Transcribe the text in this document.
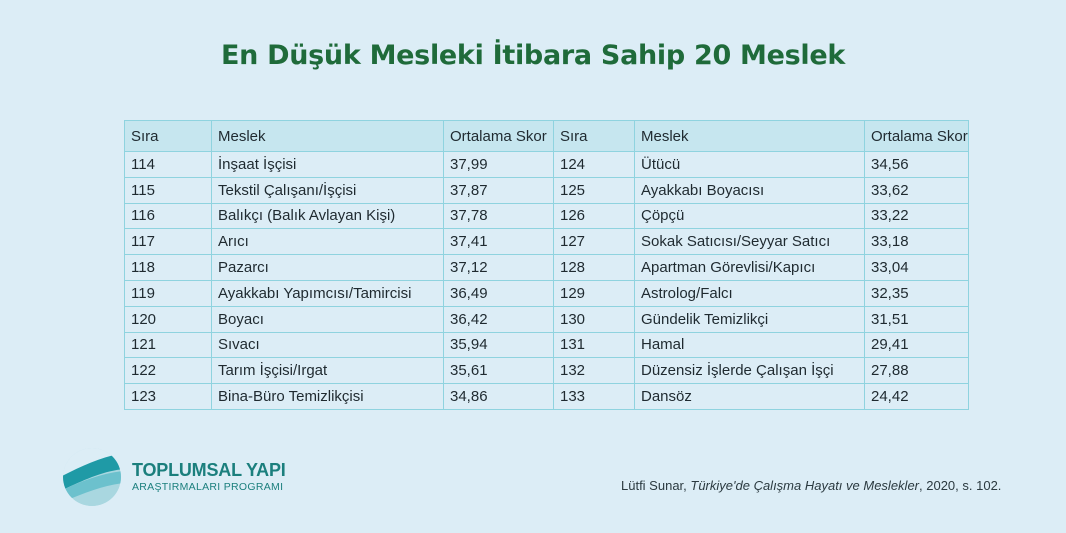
En Düşük Mesleki İtibara Sahip 20 Meslek
Sıra	Meslek	Ortalama Skor	Sıra	Meslek	Ortalama Skor
114	İnşaat İşçisi	37,99	124	Ütücü	34,56
115	Tekstil Çalışanı/İşçisi	37,87	125	Ayakkabı Boyacısı	33,62
116	Balıkçı (Balık Avlayan Kişi)	37,78	126	Çöpçü	33,22
117	Arıcı	37,41	127	Sokak Satıcısı/Seyyar Satıcı	33,18
118	Pazarcı	37,12	128	Apartman Görevlisi/Kapıcı	33,04
119	Ayakkabı Yapımcısı/Tamircisi	36,49	129	Astrolog/Falcı	32,35
120	Boyacı	36,42	130	Gündelik Temizlikçi	31,51
121	Sıvacı	35,94	131	Hamal	29,41
122	Tarım İşçisi/Irgat	35,61	132	Düzensiz İşlerde Çalışan İşçi	27,88
123	Bina-Büro Temizlikçisi	34,86	133	Dansöz	24,42
TOPLUMSAL YAPI
ARAŞTIRMALARI PROGRAMI	Lütfi Sunar, Türkiye'de Çalışma Hayatı ve Meslekler, 2020, s. 102.
